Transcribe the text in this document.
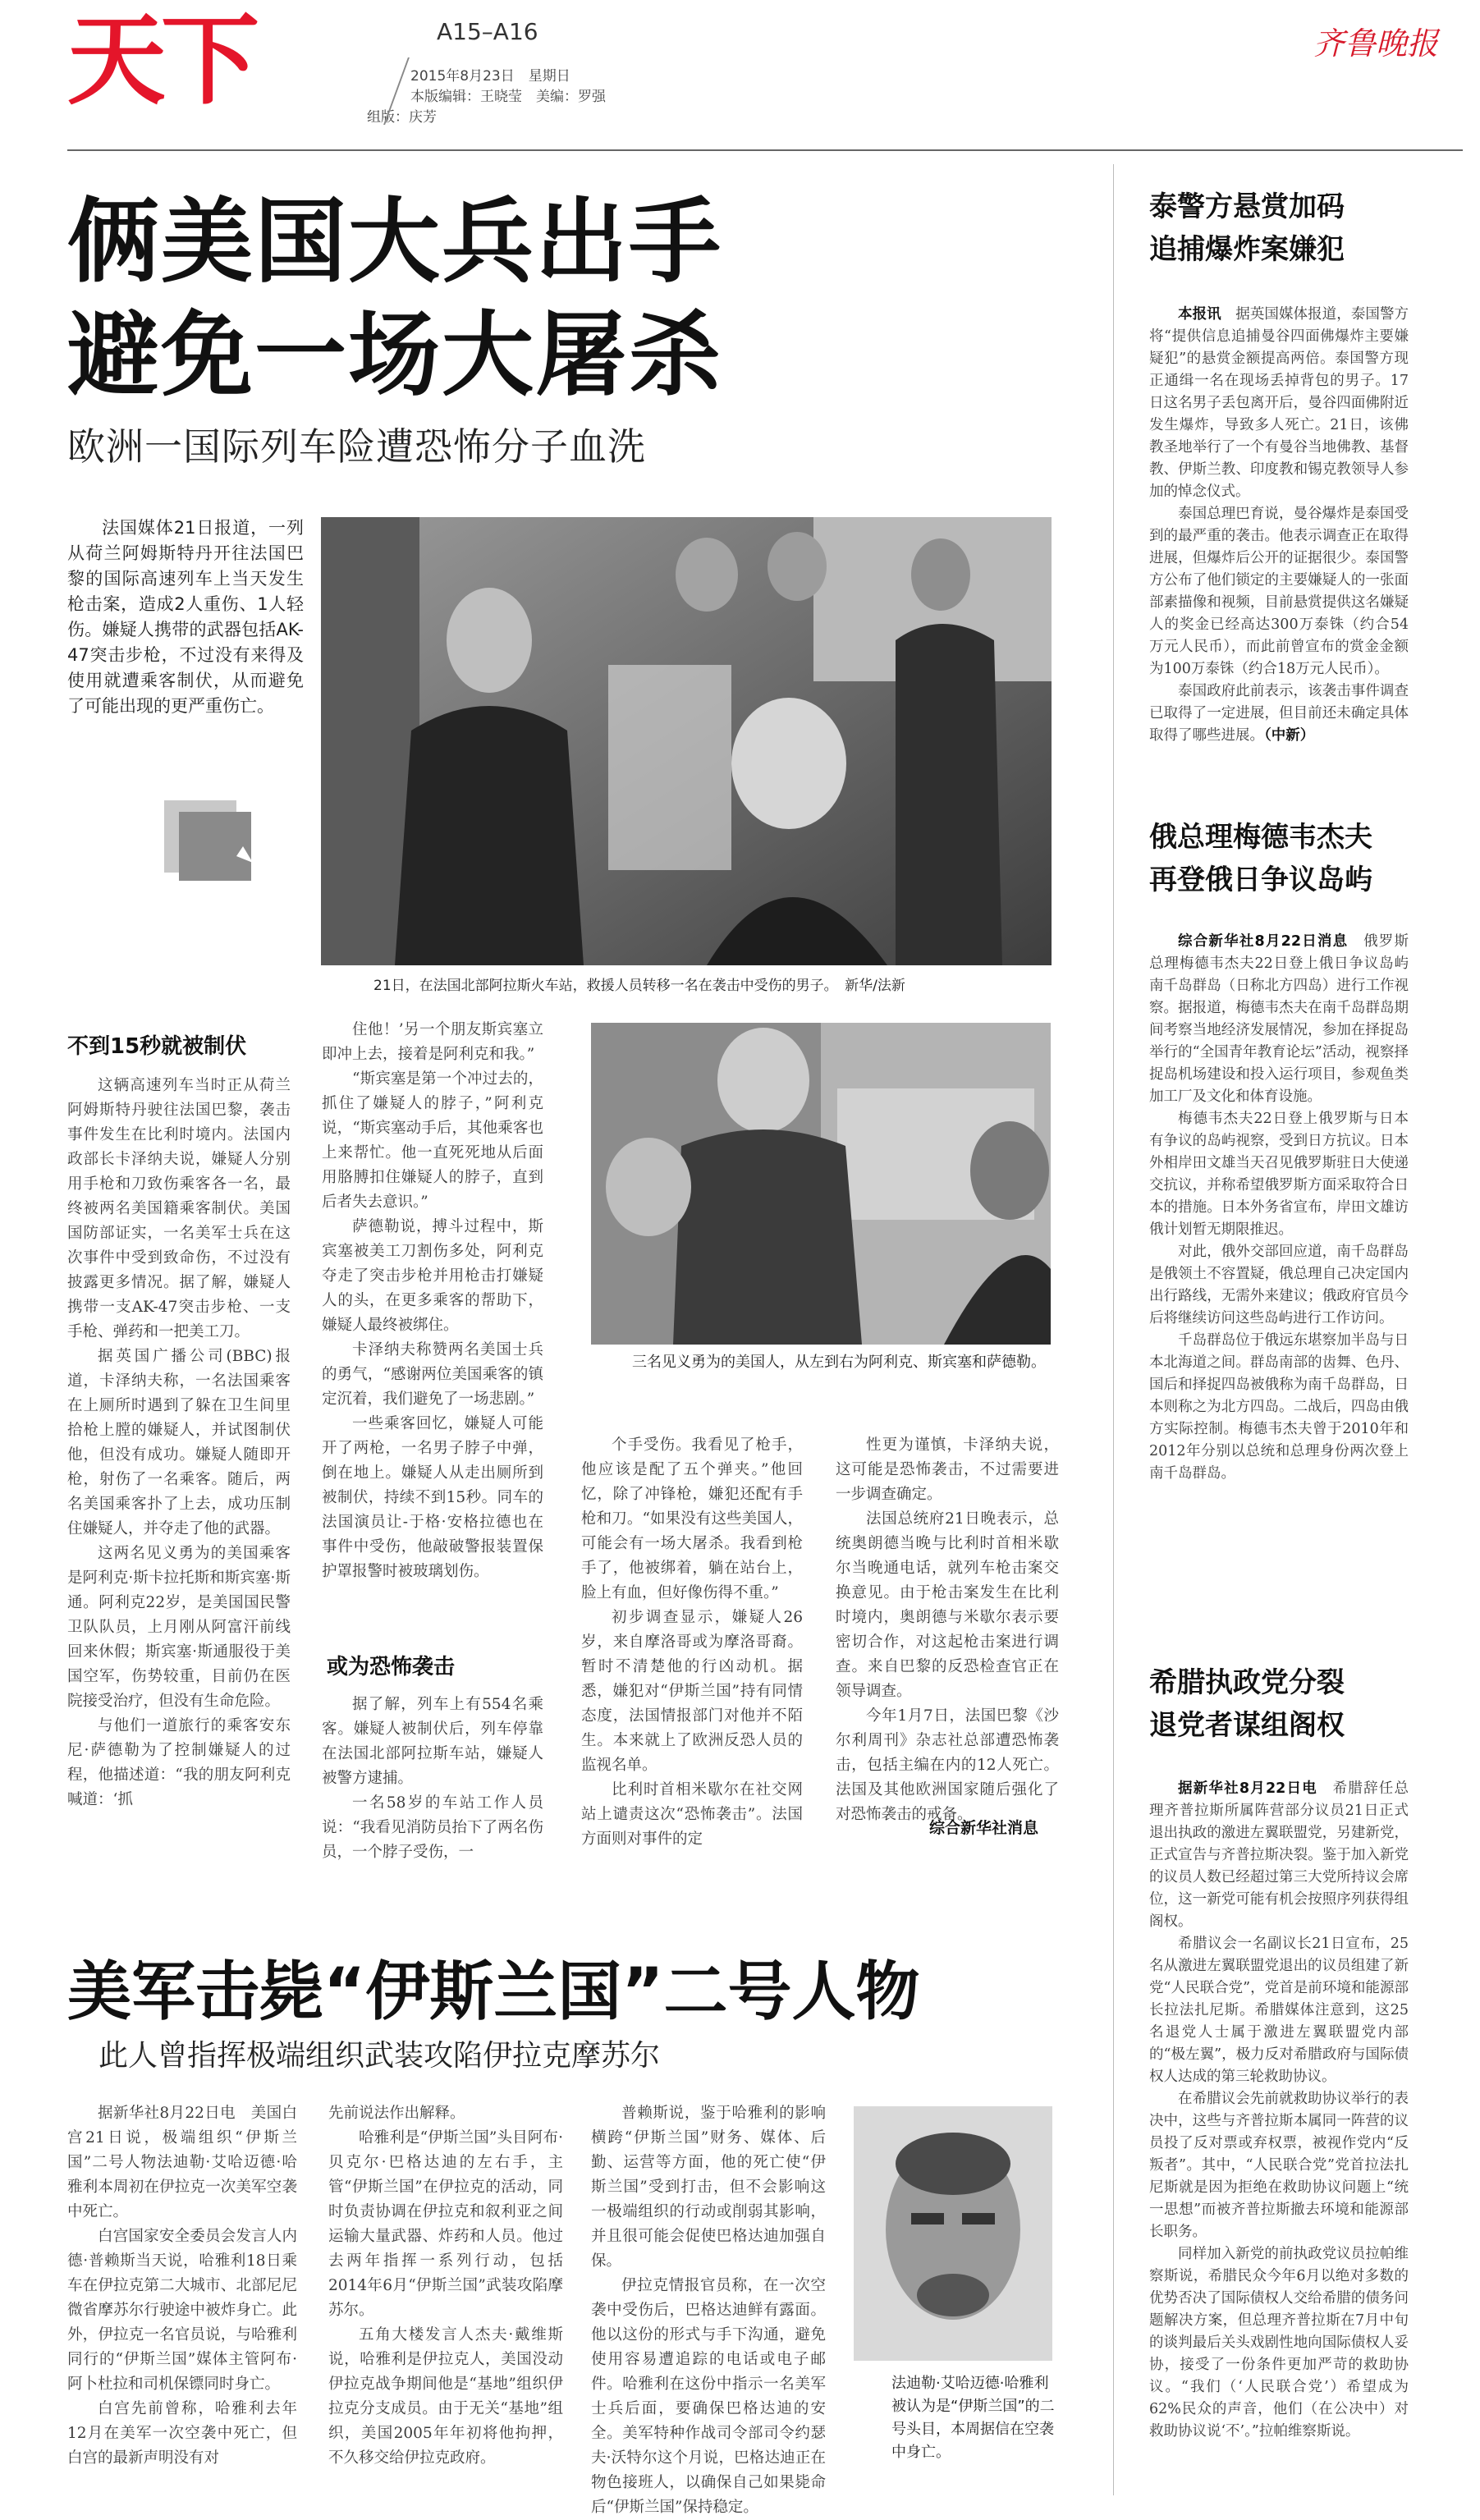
天下	A15–A16
2015年8月23日　星期日
本版编辑：王晓莹　美编：罗强
组版：庆芳
齐鲁晚报
俩美国大兵出手
避免一场大屠杀
欧洲一国际列车险遭恐怖分子血洗
法国媒体21日报道，一列从荷兰阿姆斯特丹开往法国巴黎的国际高速列车上当天发生枪击案，造成2人重伤、1人轻伤。嫌疑人携带的武器包括AK-47突击步枪，不过没有来得及使用就遭乘客制伏，从而避免了可能出现的更严重伤亡。
21日，在法国北部阿拉斯火车站，救援人员转移一名在袭击中受伤的男子。　新华/法新
不到15秒就被制伏

这辆高速列车当时正从荷兰阿姆斯特丹驶往法国巴黎，袭击事件发生在比利时境内。法国内政部长卡泽纳夫说，嫌疑人分别用手枪和刀致伤乘客各一名，最终被两名美国籍乘客制伏。美国国防部证实，一名美军士兵在这次事件中受到致命伤，不过没有披露更多情况。据了解，嫌疑人携带一支AK-47突击步枪、一支手枪、弹药和一把美工刀。

据英国广播公司(BBC)报道，卡泽纳夫称，一名法国乘客在上厕所时遇到了躲在卫生间里拾枪上膛的嫌疑人，并试图制伏他，但没有成功。嫌疑人随即开枪，射伤了一名乘客。随后，两名美国乘客扑了上去，成功压制住嫌疑人，并夺走了他的武器。

这两名见义勇为的美国乘客是阿利克·斯卡拉托斯和斯宾塞·斯通。阿利克22岁，是美国国民警卫队队员，上月刚从阿富汗前线回来休假；斯宾塞·斯通服役于美国空军，伤势较重，目前仍在医院接受治疗，但没有生命危险。

与他们一道旅行的乘客安东尼·萨德勒为了控制嫌疑人的过程，他描述道：“我的朋友阿利克喊道：‘抓

住他！’另一个朋友斯宾塞立即冲上去，接着是阿利克和我。”

“斯宾塞是第一个冲过去的，抓住了嫌疑人的脖子，”阿利克说，“斯宾塞动手后，其他乘客也上来帮忙。他一直死死地从后面用胳膊扣住嫌疑人的脖子，直到后者失去意识。”

萨德勒说，搏斗过程中，斯宾塞被美工刀割伤多处，阿利克夺走了突击步枪并用枪击打嫌疑人的头，在更多乘客的帮助下，嫌疑人最终被绑住。

卡泽纳夫称赞两名美国士兵的勇气，“感谢两位美国乘客的镇定沉着，我们避免了一场悲剧。”

一些乘客回忆，嫌疑人可能开了两枪，一名男子脖子中弹，倒在地上。嫌疑人从走出厕所到被制伏，持续不到15秒。同车的法国演员让-于格·安格拉德也在事件中受伤，他敲破警报装置保护罩报警时被玻璃划伤。

或为恐怖袭击

据了解，列车上有554名乘客。嫌疑人被制伏后，列车停靠在法国北部阿拉斯车站，嫌疑人被警方逮捕。

一名58岁的车站工作人员说：“我看见消防员抬下了两名伤员，一个脖子受伤，一

三名见义勇为的美国人，从左到右为阿利克、斯宾塞和萨德勒。

个手受伤。我看见了枪手，他应该是配了五个弹夹。”他回忆，除了冲锋枪，嫌犯还配有手枪和刀。“如果没有这些美国人，可能会有一场大屠杀。我看到枪手了，他被绑着，躺在站台上，脸上有血，但好像伤得不重。”

初步调查显示，嫌疑人26岁，来自摩洛哥或为摩洛哥裔。暂时不清楚他的行凶动机。据悉，嫌犯对“伊斯兰国”持有同情态度，法国情报部门对他并不陌生。本来就上了欧洲反恐人员的监视名单。

比利时首相米歇尔在社交网站上谴责这次“恐怖袭击”。法国方面则对事件的定

性更为谨慎，卡泽纳夫说，这可能是恐怖袭击，不过需要进一步调查确定。

法国总统府21日晚表示，总统奥朗德当晚与比利时首相米歇尔当晚通电话，就列车枪击案交换意见。由于枪击案发生在比利时境内，奥朗德与米歇尔表示要密切合作，对这起枪击案进行调查。来自巴黎的反恐检查官正在领导调查。

今年1月7日，法国巴黎《沙尔利周刊》杂志社总部遭恐怖袭击，包括主编在内的12人死亡。法国及其他欧洲国家随后强化了对恐怖袭击的戒备。

综合新华社消息
美军击毙“伊斯兰国”二号人物
此人曾指挥极端组织武装攻陷伊拉克摩苏尔

据新华社8月22日电　美国白宫21日说，极端组织“伊斯兰国”二号人物法迪勒·艾哈迈德·哈雅利本周初在伊拉克一次美军空袭中死亡。

白宫国家安全委员会发言人内德·普赖斯当天说，哈雅利18日乘车在伊拉克第二大城市、北部尼尼微省摩苏尔行驶途中被炸身亡。此外，伊拉克一名官员说，与哈雅利同行的“伊斯兰国”媒体主管阿布·阿卜杜拉和司机保镖同时身亡。

白宫先前曾称，哈雅利去年12月在美军一次空袭中死亡，但白宫的最新声明没有对

先前说法作出解释。

哈雅利是“伊斯兰国”头目阿布·贝克尔·巴格达迪的左右手，主管“伊斯兰国”在伊拉克的活动，同时负责协调在伊拉克和叙利亚之间运输大量武器、炸药和人员。他过去两年指挥一系列行动，包括2014年6月“伊斯兰国”武装攻陷摩苏尔。

五角大楼发言人杰夫·戴维斯说，哈雅利是伊拉克人，美国没动伊拉克战争期间他是“基地”组织伊拉克分支成员。由于无关“基地”组织，美国2005年年初将他拘押，不久移交给伊拉克政府。

普赖斯说，鉴于哈雅利的影响横跨“伊斯兰国”财务、媒体、后勤、运营等方面，他的死亡使“伊斯兰国”受到打击，但不会影响这一极端组织的行动或削弱其影响，并且很可能会促使巴格达迪加强自保。

伊拉克情报官员称，在一次空袭中受伤后，巴格达迪鲜有露面。他以这份的形式与手下沟通，避免使用容易遭追踪的电话或电子邮件。哈雅利在这份中指示一名美军士兵后面，要确保巴格达迪的安全。美军特种作战司令部司令约瑟夫·沃特尔这个月说，巴格达迪正在物色接班人，以确保自己如果毙命后“伊斯兰国”保持稳定。

法迪勒·艾哈迈德·哈雅利被认为是“伊斯兰国”的二号头目，本周据信在空袭中身亡。
泰警方悬赏加码
追捕爆炸案嫌犯

本报讯　 据英国媒体报道，泰国警方将“提供信息追捕曼谷四面佛爆炸主要嫌疑犯”的悬赏金额提高两倍。泰国警方现正通缉一名在现场丢掉背包的男子。17日这名男子丢包离开后，曼谷四面佛附近发生爆炸，导致多人死亡。21日，该佛教圣地举行了一个有曼谷当地佛教、基督教、伊斯兰教、印度教和锡克教领导人参加的悼念仪式。

泰国总理巴育说，曼谷爆炸是泰国受到的最严重的袭击。他表示调查正在取得进展，但爆炸后公开的证据很少。泰国警方公布了他们锁定的主要嫌疑人的一张面部素描像和视频，目前悬赏提供这名嫌疑人的奖金已经高达300万泰铢（约合54万元人民币），而此前曾宣布的赏金金额为100万泰铢（约合18万元人民币）。

泰国政府此前表示，该袭击事件调查已取得了一定进展，但目前还未确定具体取得了哪些进展。（中新）

俄总理梅德韦杰夫
再登俄日争议岛屿

综合新华社8月22日消息　 俄罗斯总理梅德韦杰夫22日登上俄日争议岛屿南千岛群岛（日称北方四岛）进行工作视察。据报道，梅德韦杰夫在南千岛群岛期间考察当地经济发展情况，参加在择捉岛举行的“全国青年教育论坛”活动，视察择捉岛机场建设和投入运行项目，参观鱼类加工厂及文化和体育设施。

梅德韦杰夫22日登上俄罗斯与日本有争议的岛屿视察，受到日方抗议。日本外相岸田文雄当天召见俄罗斯驻日大使递交抗议，并称希望俄罗斯方面采取符合日本的措施。日本外务省宣布，岸田文雄访俄计划暂无期限推迟。

对此，俄外交部回应道，南千岛群岛是俄领土不容置疑，俄总理自己决定国内出行路线，无需外来建议；俄政府官员今后将继续访问这些岛屿进行工作访问。

千岛群岛位于俄远东堪察加半岛与日本北海道之间。群岛南部的齿舞、色丹、国后和择捉四岛被俄称为南千岛群岛，日本则称之为北方四岛。二战后，四岛由俄方实际控制。梅德韦杰夫曾于2010年和2012年分别以总统和总理身份两次登上南千岛群岛。

希腊执政党分裂
退党者谋组阁权

据新华社8月22日电　 希腊辞任总理齐普拉斯所属阵营部分议员21日正式退出执政的激进左翼联盟党，另建新党，正式宣告与齐普拉斯决裂。鉴于加入新党的议员人数已经超过第三大党所持议会席位，这一新党可能有机会按照序列获得组阁权。

希腊议会一名副议长21日宣布，25名从激进左翼联盟党退出的议员组建了新党“人民联合党”，党首是前环境和能源部长拉法扎尼斯。希腊媒体注意到，这25名退党人士属于激进左翼联盟党内部的“极左翼”，极力反对希腊政府与国际债权人达成的第三轮救助协议。

在希腊议会先前就救助协议举行的表决中，这些与齐普拉斯本属同一阵营的议员投了反对票或弃权票，被视作党内“反叛者”。其中，“人民联合党”党首拉法扎尼斯就是因为拒绝在救助协议问题上“统一思想”而被齐普拉斯撤去环境和能源部长职务。

同样加入新党的前执政党议员拉帕维察斯说，希腊民众今年6月以绝对多数的优势否决了国际债权人交给希腊的债务问题解决方案，但总理齐普拉斯在7月中旬的谈判最后关头戏剧性地向国际债权人妥协，接受了一份条件更加严苛的救助协议。“我们（‘人民联合党’）希望成为62%民众的声音，他们（在公决中）对救助协议说‘不’。”拉帕维察斯说。
